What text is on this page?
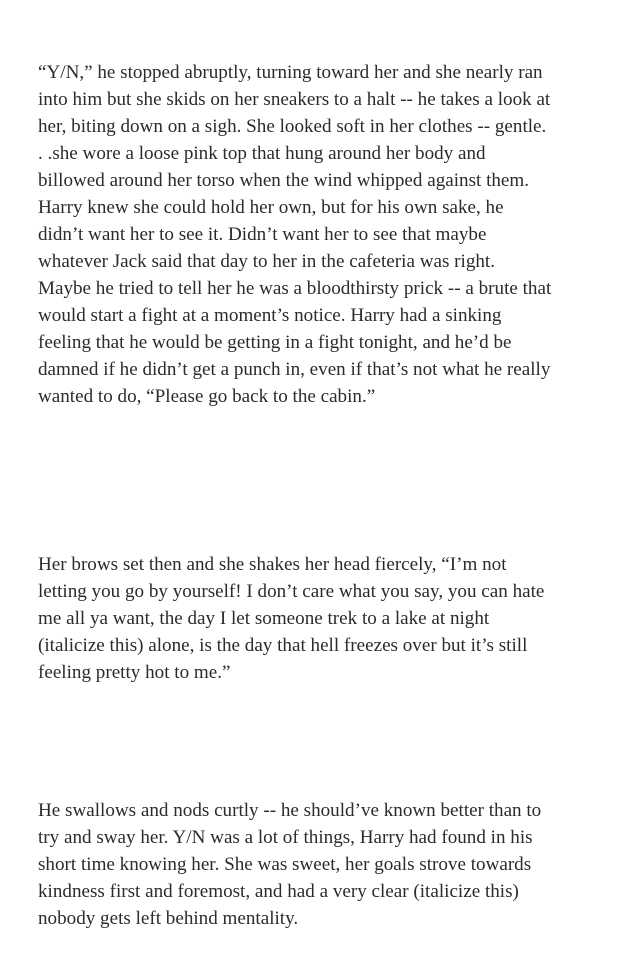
“Y/N,” he stopped abruptly, turning toward her and she nearly ran
into him but she skids on her sneakers to a halt -- he takes a look at
her, biting down on a sigh. She looked soft in her clothes -- gentle.
. .she wore a loose pink top that hung around her body and
billowed around her torso when the wind whipped against them.
Harry knew she could hold her own, but for his own sake, he
didn’t want her to see it. Didn’t want her to see that maybe
whatever Jack said that day to her in the cafeteria was right.
Maybe he tried to tell her he was a bloodthirsty prick -- a brute that
would start a fight at a moment’s notice. Harry had a sinking
feeling that he would be getting in a fight tonight, and he’d be
damned if he didn’t get a punch in, even if that’s not what he really
wanted to do, “Please go back to the cabin.”

Her brows set then and she shakes her head fiercely, “I’m not
letting you go by yourself! I don’t care what you say, you can hate
me all ya want, the day I let someone trek to a lake at night
(italicize this) alone, is the day that hell freezes over but it’s still
feeling pretty hot to me.”

He swallows and nods curtly -- he should’ve known better than to
try and sway her. Y/N was a lot of things, Harry had found in his
short time knowing her. She was sweet, her goals strove towards
kindness first and foremost, and had a very clear (italicize this)
nobody gets left behind mentality.
